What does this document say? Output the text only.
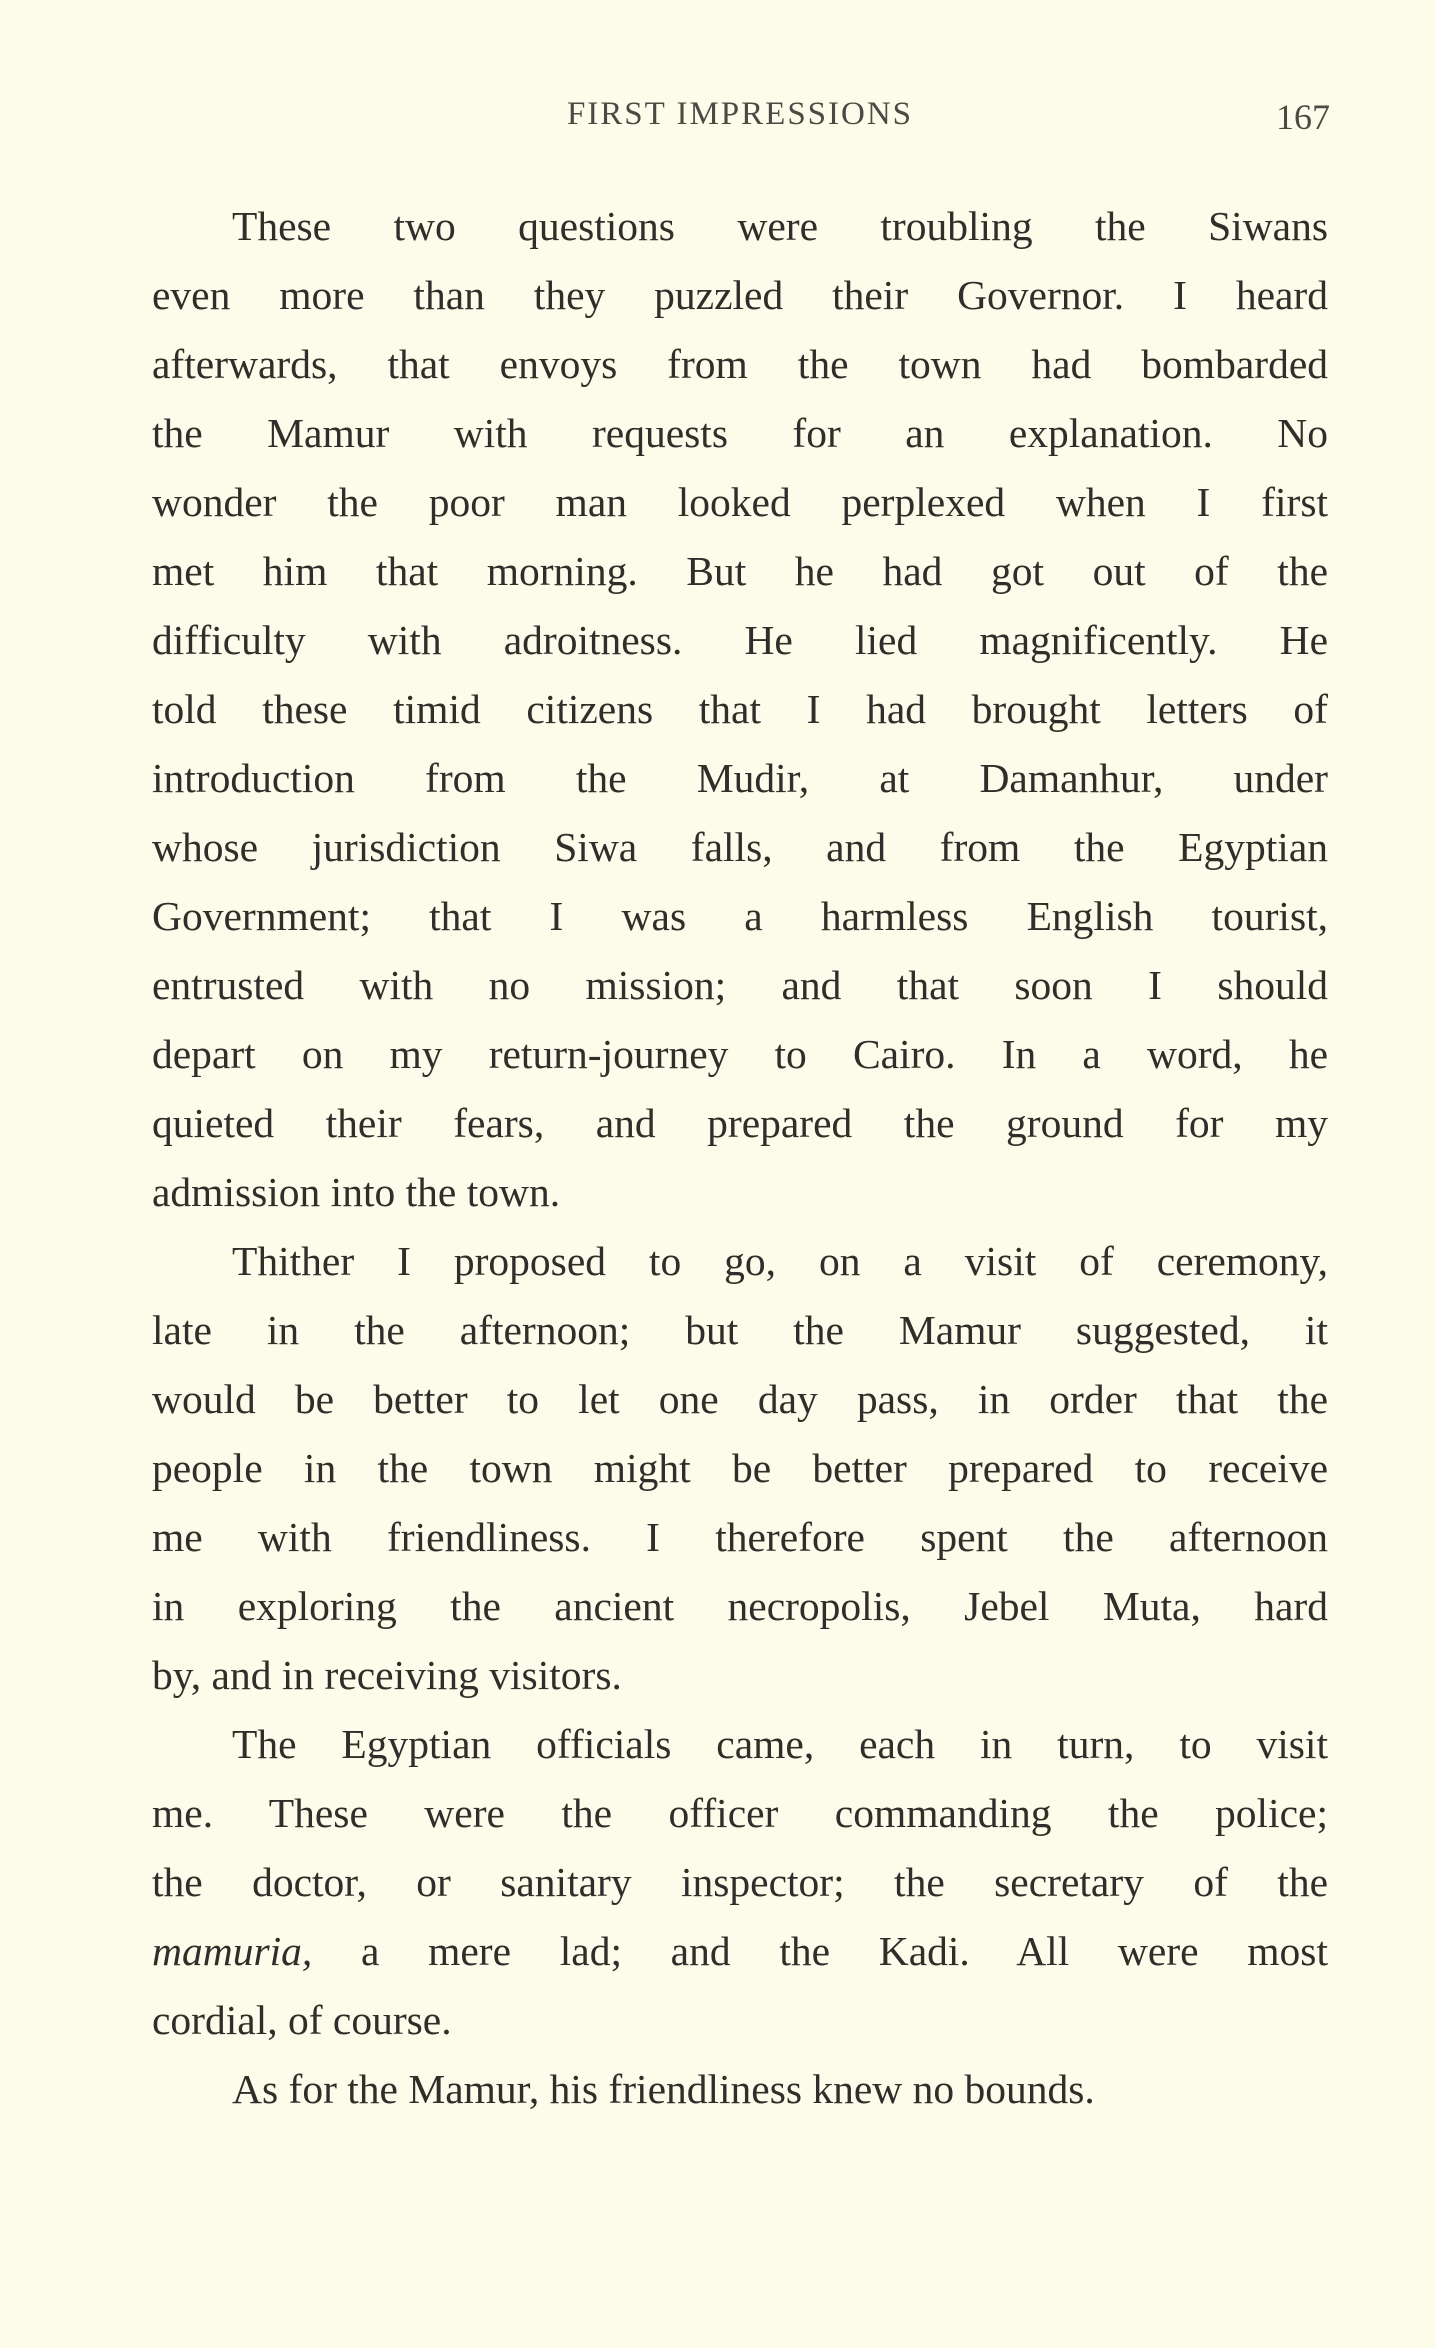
FIRST IMPRESSIONS	167

These two questions were troubling the Siwans
even more than they puzzled their Governor. I heard
afterwards, that envoys from the town had bombarded
the Mamur with requests for an explanation. No
wonder the poor man looked perplexed when I first
met him that morning. But he had got out of the
difficulty with adroitness. He lied magnificently. He
told these timid citizens that I had brought letters of
introduction from the Mudir, at Damanhur, under
whose jurisdiction Siwa falls, and from the Egyptian
Government; that I was a harmless English tourist,
entrusted with no mission; and that soon I should
depart on my return-journey to Cairo. In a word, he
quieted their fears, and prepared the ground for my
admission into the town.

Thither I proposed to go, on a visit of ceremony,
late in the afternoon; but the Mamur suggested, it
would be better to let one day pass, in order that the
people in the town might be better prepared to receive
me with friendliness. I therefore spent the afternoon
in exploring the ancient necropolis, Jebel Muta, hard
by, and in receiving visitors.

The Egyptian officials came, each in turn, to visit
me. These were the officer commanding the police;
the doctor, or sanitary inspector; the secretary of the
mamuria, a mere lad; and the Kadi. All were most
cordial, of course.

As for the Mamur, his friendliness knew no bounds.
